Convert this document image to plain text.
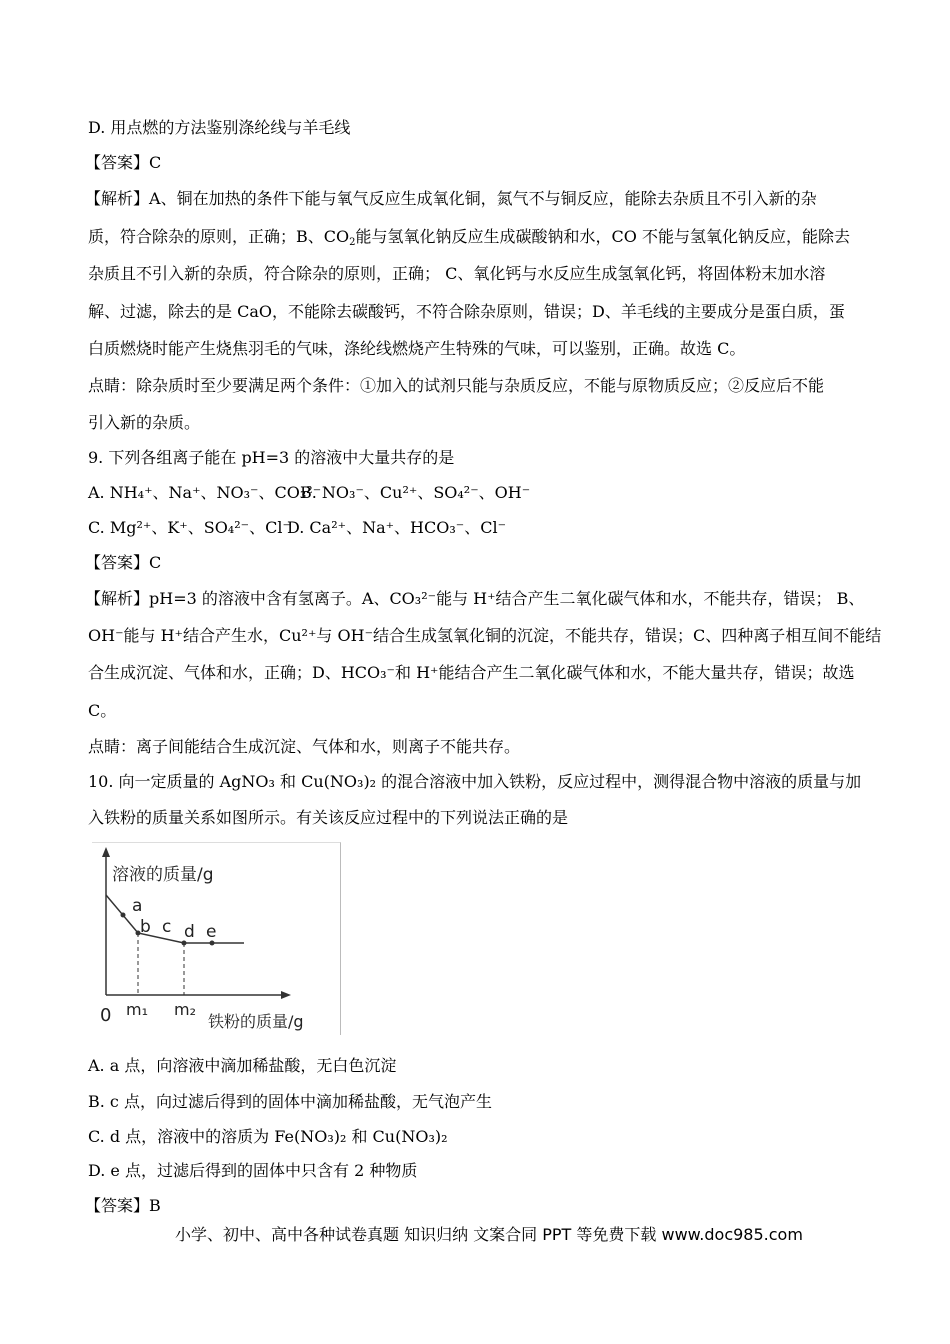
D. 用点燃的方法鉴别涤纶线与羊毛线
【答案】C
【解析】A、铜在加热的条件下能与氧气反应生成氧化铜，氮气不与铜反应，能除去杂质且不引入新的杂
质，符合除杂的原则，正确；B、$CO_2$能与氢氧化钠反应生成碳酸钠和水，CO 不能与氢氧化钠反应，能除去
杂质且不引入新的杂质，符合除杂的原则，正确； C、氧化钙与水反应生成氢氧化钙，将固体粉末加水溶
解、过滤，除去的是 CaO，不能除去碳酸钙，不符合除杂原则，错误；D、羊毛线的主要成分是蛋白质，蛋
白质燃烧时能产生烧焦羽毛的气味，涤纶线燃烧产生特殊的气味，可以鉴别，正确。故选 C。
点睛：除杂质时至少要满足两个条件：①加入的试剂只能与杂质反应，不能与原物质反应；②反应后不能
引入新的杂质。
9. 下列各组离子能在 pH=3 的溶液中大量共存的是
A. NH₄⁺、Na⁺、NO₃⁻、CO₃²⁻
B. NO₃⁻、Cu²⁺、SO₄²⁻、OH⁻
C. Mg²⁺、K⁺、SO₄²⁻、Cl⁻
D. Ca²⁺、Na⁺、HCO₃⁻、Cl⁻
【答案】C
【解析】pH=3 的溶液中含有氢离子。A、CO₃²⁻能与 H⁺结合产生二氧化碳气体和水，不能共存，错误； B、
OH⁻能与 H⁺结合产生水，Cu²⁺与 OH⁻结合生成氢氧化铜的沉淀，不能共存，错误；C、四种离子相互间不能结
合生成沉淀、气体和水，正确；D、HCO₃⁻和 H⁺能结合产生二氧化碳气体和水，不能大量共存，错误；故选
C。
点睛：离子间能结合生成沉淀、气体和水，则离子不能共存。
10. 向一定质量的 AgNO₃ 和 Cu(NO₃)₂ 的混合溶液中加入铁粉，反应过程中，测得混合物中溶液的质量与加
入铁粉的质量关系如图所示。有关该反应过程中的下列说法正确的是
溶液的质量/g
a
b c d e
0 m₁ m₂
铁粉的质量/g
A. a 点，向溶液中滴加稀盐酸，无白色沉淀
B. c 点，向过滤后得到的固体中滴加稀盐酸，无气泡产生
C. d 点，溶液中的溶质为 Fe(NO₃)₂ 和 Cu(NO₃)₂
D. e 点，过滤后得到的固体中只含有 2 种物质
【答案】B
小学、初中、高中各种试卷真题 知识归纳 文案合同 PPT 等免费下载 www.doc985.com
